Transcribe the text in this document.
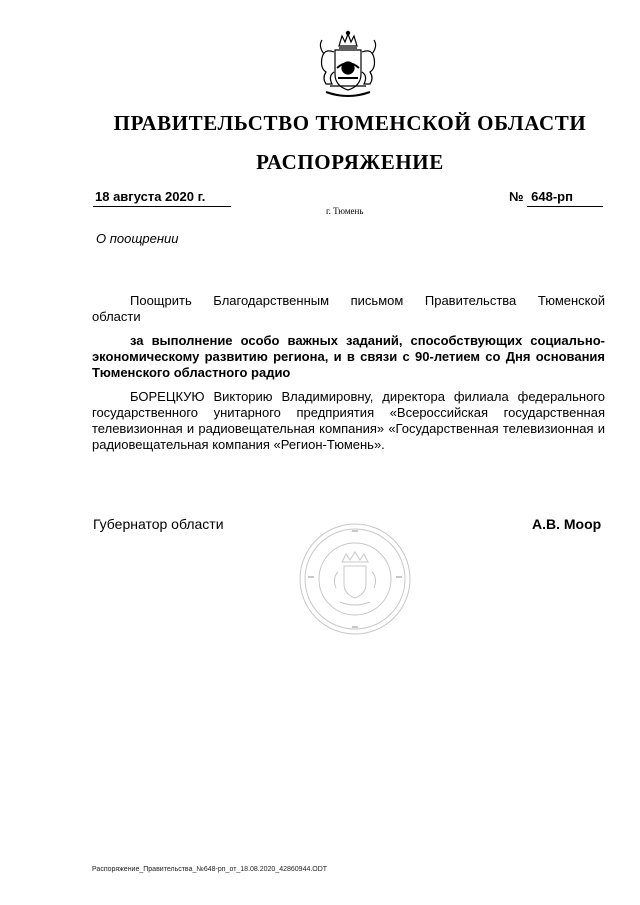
ПРАВИТЕЛЬСТВО ТЮМЕНСКОЙ ОБЛАСТИ
РАСПОРЯЖЕНИЕ
18 августа 2020 г.	№ 648-рп
г. Тюмень
О поощрении
Поощрить Благодарственным письмом Правительства Тюменской
области
за выполнение особо важных заданий, способствующих социально-экономическому развитию региона, и в связи с 90-летием со Дня основания Тюменского областного радио
БОРЕЦКУЮ Викторию Владимировну, директора филиала федерального государственного унитарного предприятия «Всероссийская государственная телевизионная и радиовещательная компания» «Государственная телевизионная и радиовещательная компания «Регион-Тюмень».
Губернатор области	А.В. Моор
Распоряжение_Правительства_№648-рп_от_18.08.2020_42860944.ODT
